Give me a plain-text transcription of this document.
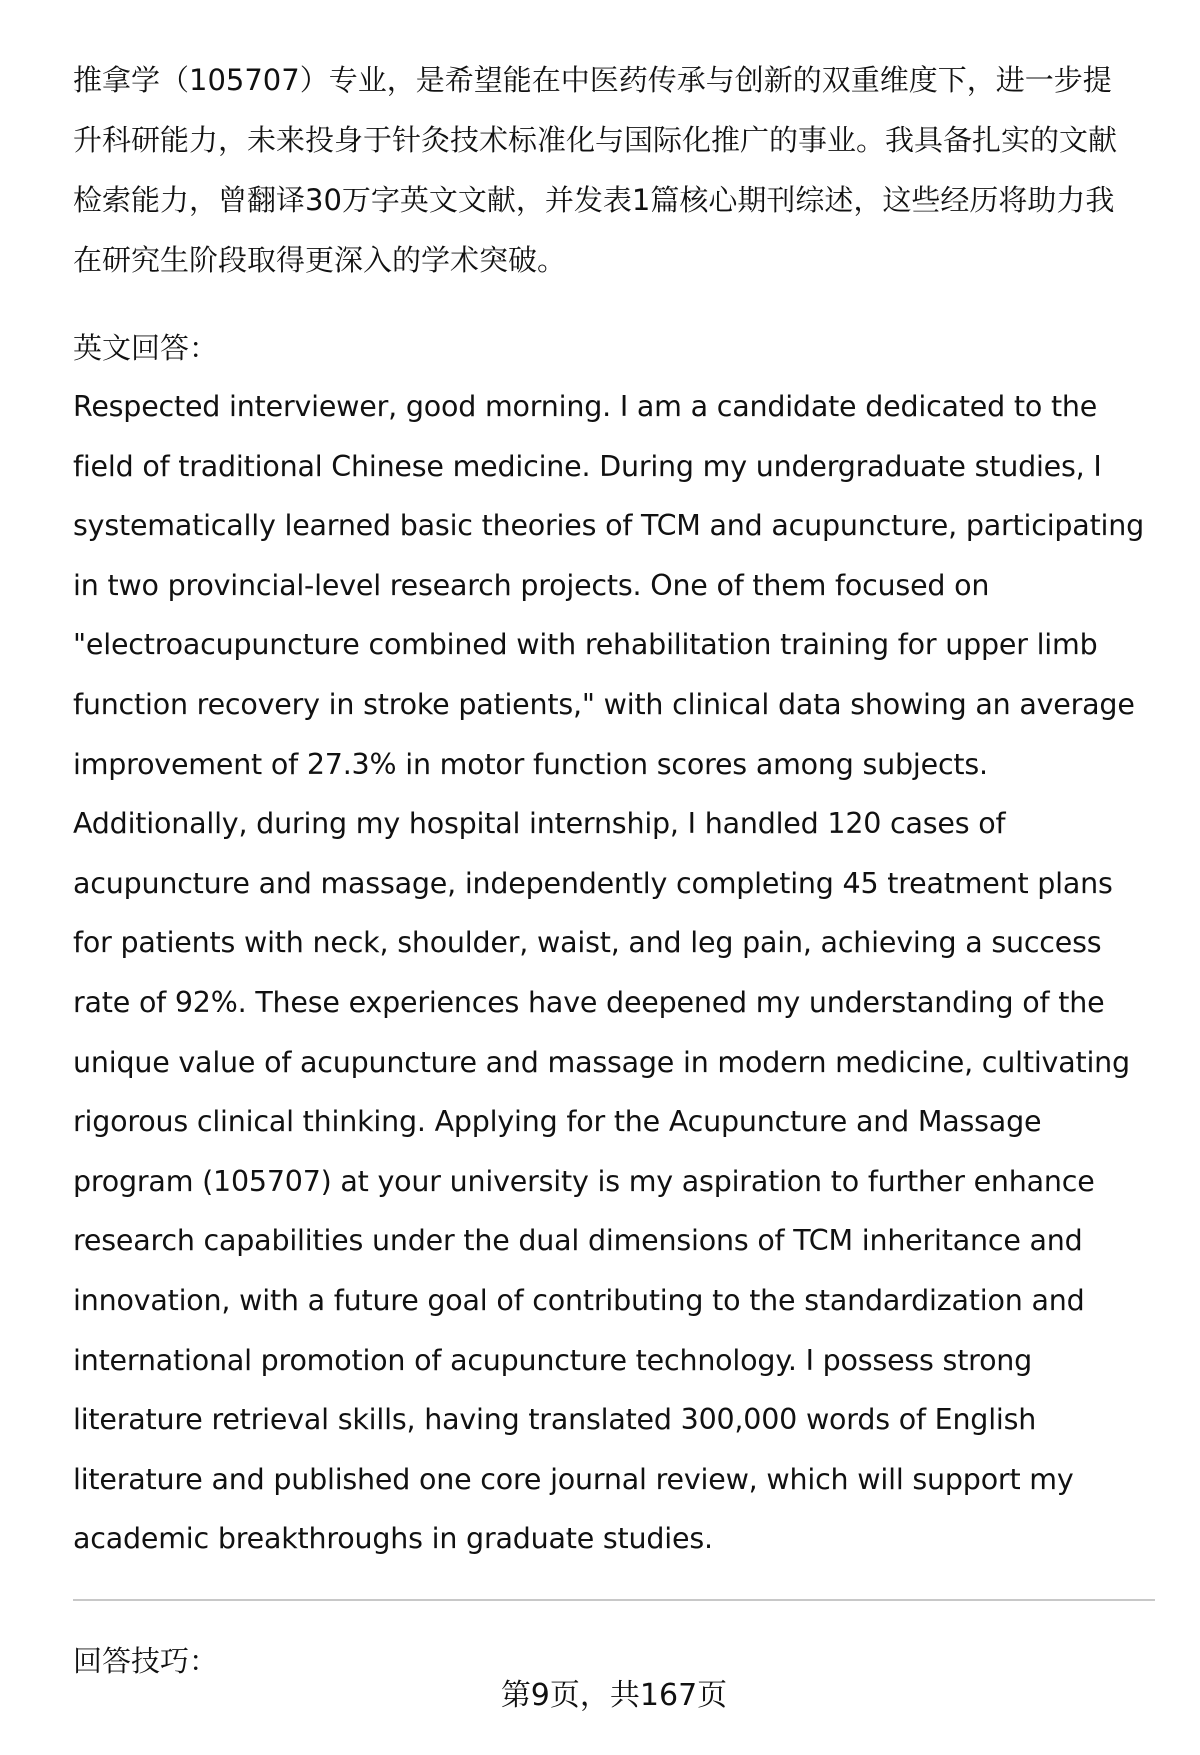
推拿学（105707）专业，是希望能在中医药传承与创新的双重维度下，进一步提
升科研能力，未来投身于针灸技术标准化与国际化推广的事业。我具备扎实的文献
检索能力，曾翻译30万字英文文献，并发表1篇核心期刊综述，这些经历将助力我
在研究生阶段取得更深入的学术突破。
英文回答：
Respected interviewer, good morning. I am a candidate dedicated to the
field of traditional Chinese medicine. During my undergraduate studies, I
systematically learned basic theories of TCM and acupuncture, participating
in two provincial-level research projects. One of them focused on
"electroacupuncture combined with rehabilitation training for upper limb
function recovery in stroke patients," with clinical data showing an average
improvement of 27.3% in motor function scores among subjects.
Additionally, during my hospital internship, I handled 120 cases of
acupuncture and massage, independently completing 45 treatment plans
for patients with neck, shoulder, waist, and leg pain, achieving a success
rate of 92%. These experiences have deepened my understanding of the
unique value of acupuncture and massage in modern medicine, cultivating
rigorous clinical thinking. Applying for the Acupuncture and Massage
program (105707) at your university is my aspiration to further enhance
research capabilities under the dual dimensions of TCM inheritance and
innovation, with a future goal of contributing to the standardization and
international promotion of acupuncture technology. I possess strong
literature retrieval skills, having translated 300,000 words of English
literature and published one core journal review, which will support my
academic breakthroughs in graduate studies.
回答技巧：
第9页，共167页
